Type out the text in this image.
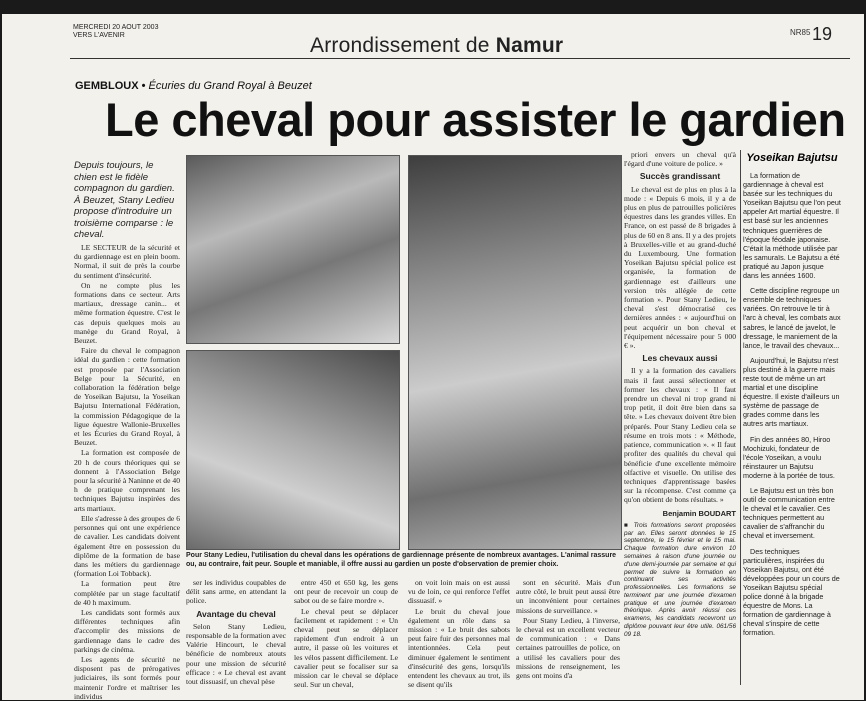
MERCREDI 20 AOUT 2003
VERS L'AVENIR	Arrondissement de Namur
NR85 19
GEMBLOUX • Écuries du Grand Royal à Beuzet
Le cheval pour assister le gardien
Depuis toujours, le chien est le fidèle compagnon du gardien. À Beuzet, Stany Ledieu propose d'introduire un troisième comparse : le cheval.

LE SECTEUR de la sécurité et du gardiennage est en plein boom. Normal, il suit de près la courbe du sentiment d'insécurité.

On ne compte plus les formations dans ce secteur. Arts martiaux, dressage canin... et même formation équestre. C'est le cas depuis quelques mois au manège du Grand Royal, à Beuzet.

Faire du cheval le compagnon idéal du gardien : cette formation est proposée par l'Association Belge pour la Sécurité, en collaboration la fédération belge de Yoseikan Bajutsu, la Yoseikan Bajutsu International Fédération, la commission Pédagogique de la ligue équestre Wallonie-Bruxelles et les Écuries du Grand Royal, à Beuzet.

La formation est composée de 20 h de cours théoriques qui se donnent à l'Association Belge pour la sécurité à Naninne et de 40 h de pratique comprenant les techniques Bajutsu inspirées des arts martiaux.

Elle s'adresse à des groupes de 6 personnes qui ont une expérience de cavalier. Les candidats doivent également être en possession du diplôme de la formation de base dans les métiers du gardiennage (formation Loi Tobback).

La formation peut être complétée par un stage facultatif de 40 h maximum.

Les candidats sont formés aux différentes techniques afin d'accomplir des missions de gardiennage dans le cadre des parkings de cinéma.

Les agents de sécurité ne disposent pas de prérogatives judiciaires, ils sont formés pour maintenir l'ordre et maîtriser les individus

Pour Stany Ledieu, l'utilisation du cheval dans les opérations de gardiennage présente de nombreux avantages. L'animal rassure ou, au contraire, fait peur. Souple et maniable, il offre aussi au gardien un poste d'observation de premier choix.

ser les individus coupables de délit sans arme, en attendant la police.

Avantage du cheval

Selon Stany Ledieu, responsable de la formation avec Valérie Hincourt, le cheval bénéficie de nombreux atouts pour une mission de sécurité efficace : « Le cheval est avant tout dissuasif, un cheval pèse

entre 450 et 650 kg, les gens ont peur de recevoir un coup de sabot ou de se faire mordre ».

Le cheval peut se déplacer facilement et rapidement : « Un cheval peut se déplacer rapidement d'un endroit à un autre, il passe où les voitures et les vélos passent difficilement. Le cavalier peut se focaliser sur sa mission car le cheval se déplace seul. Sur un cheval,

on voit loin mais on est aussi vu de loin, ce qui renforce l'effet dissuasif. »

Le bruit du cheval joue également un rôle dans sa mission : « Le bruit des sabots peut faire fuir des personnes mal intentionnées. Cela peut diminuer également le sentiment d'insécurité des gens, lorsqu'ils entendent les chevaux au trot, ils se disent qu'ils

sont en sécurité. Mais d'un autre côté, le bruit peut aussi être un inconvénient pour certaines missions de surveillance. »

Pour Stany Ledieu, à l'inverse, le cheval est un excellent vecteur de communication : « Dans certaines patrouilles de police, on a utilisé les cavaliers pour des missions de renseignement, les gens ont moins d'a

priori envers un cheval qu'à l'égard d'une voiture de police. »

Succès grandissant

Le cheval est de plus en plus à la mode : « Depuis 6 mois, il y a de plus en plus de patrouilles policières équestres dans les grandes villes. En France, on est passé de 8 brigades à plus de 60 en 8 ans. Il y a des projets à Bruxelles-ville et au grand-duché du Luxembourg. Une formation Yoseikan Bajutsu spécial police est organisée, la formation de gardiennage est d'ailleurs une version très allégée de cette formation ». Pour Stany Ledieu, le cheval s'est démocratisé ces dernières années : « aujourd'hui on peut acquérir un bon cheval et l'équipement nécessaire pour 5 000 € ».

Les chevaux aussi

Il y a la formation des cavaliers mais il faut aussi sélectionner et former les chevaux : « Il faut prendre un cheval ni trop grand ni trop petit, il doit être bien dans sa tête. » Les chevaux doivent être bien préparés. Pour Stany Ledieu cela se résume en trois mots : « Méthode, patience, communication ». « Il faut profiter des qualités du cheval qui bénéficie d'une excellente mémoire olfactive et visuelle. On utilise des techniques d'apprentissage basées sur la récompense. C'est comme ça qu'on obtient de bons résultats. »

Benjamin BOUDART
■ Trois formations seront proposées par an. Elles seront données le 15 septembre, le 15 février et le 15 mai. Chaque formation dure environ 10 semaines à raison d'une journée ou d'une demi-journée par semaine et qui permet de suivre la formation en continuant ses activités professionnelles. Les formations se terminent par une journée d'examen pratique et une journée d'examen théorique. Après avoir réussi ces examens, les candidats recevront un diplôme pouvant leur être utile. 061/56 09 18.
Yoseikan Bajutsu

La formation de gardiennage à cheval est basée sur les techniques du Yoseikan Bajutsu que l'on peut appeler Art martial équestre. Il est basé sur les anciennes techniques guerrières de l'époque féodale japonaise. C'était la méthode utilisée par les samuraïs. Le Bajutsu a été pratiqué au Japon jusque dans les années 1600.

Cette discipline regroupe un ensemble de techniques variées. On retrouve le tir à l'arc à cheval, les combats aux sabres, le lancé de javelot, le dressage, le maniement de la lance, le travail des chevaux...

Aujourd'hui, le Bajutsu n'est plus destiné à la guerre mais reste tout de même un art martial et une discipline équestre. Il existe d'ailleurs un système de passage de grades comme dans les autres arts martiaux.

Fin des années 80, Hiroo Mochizuki, fondateur de l'école Yoseikan, a voulu réinstaurer un Bajutsu moderne à la portée de tous.

Le Bajutsu est un très bon outil de communication entre le cheval et le cavalier. Ces techniques permettent au cavalier de s'affranchir du cheval et inversement.

Des techniques particulières, inspirées du Yoseikan Bajutsu, ont été développées pour un cours de Yoseikan Bajutsu spécial police donné à la brigade équestre de Mons. La formation de gardiennage à cheval s'inspire de cette formation.
